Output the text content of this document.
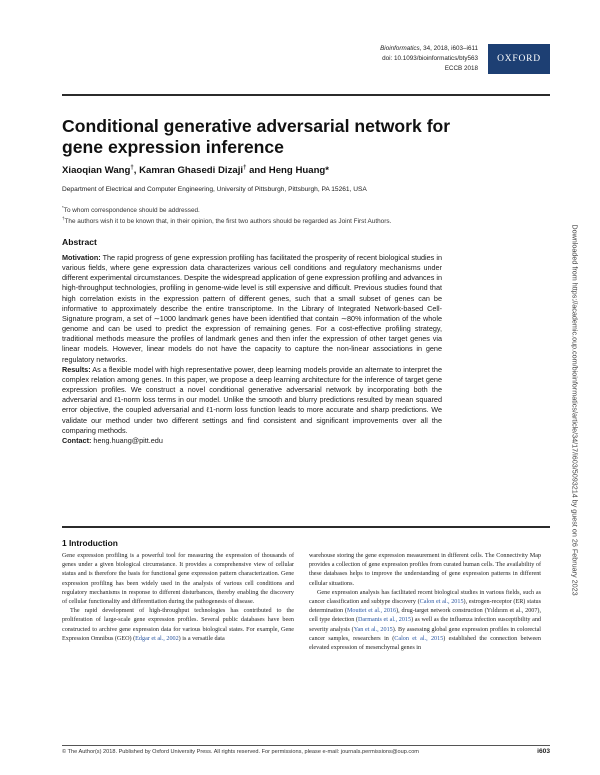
Bioinformatics, 34, 2018, i603–i611
doi: 10.1093/bioinformatics/bty563
ECCB 2018
OXFORD
Conditional generative adversarial network for gene expression inference
Xiaoqian Wang†, Kamran Ghasedi Dizaji† and Heng Huang*
Department of Electrical and Computer Engineering, University of Pittsburgh, Pittsburgh, PA 15261, USA
*To whom correspondence should be addressed.
†The authors wish it to be known that, in their opinion, the first two authors should be regarded as Joint First Authors.
Abstract

Motivation: The rapid progress of gene expression profiling has facilitated the prosperity of recent biological studies in various fields, where gene expression data characterizes various cell conditions and regulatory mechanisms under different experimental circumstances. Despite the widespread application of gene expression profiling and advances in high-throughput technologies, profiling in genome-wide level is still expensive and difficult. Previous studies found that high correlation exists in the expression pattern of different genes, such that a small subset of genes can be informative to approximately describe the entire transcriptome. In the Library of Integrated Network-based Cell-Signature program, a set of ∼1000 landmark genes have been identified that contain ∼80% information of the whole genome and can be used to predict the expression of remaining genes. For a cost-effective profiling strategy, traditional methods measure the profiles of landmark genes and then infer the expression of other target genes via linear models. However, linear models do not have the capacity to capture the non-linear associations in gene regulatory networks.

Results: As a flexible model with high representative power, deep learning models provide an alternate to interpret the complex relation among genes. In this paper, we propose a deep learning architecture for the inference of target gene expression profiles. We construct a novel conditional generative adversarial network by incorporating both the adversarial and ℓ1-norm loss terms in our model. Unlike the smooth and blurry predictions resulted by mean squared error objective, the coupled adversarial and ℓ1-norm loss function leads to more accurate and sharp predictions. We validate our method under two different settings and find consistent and significant improvements over all the comparing methods.

Contact: heng.huang@pitt.edu

1 Introduction

Gene expression profiling is a powerful tool for measuring the expression of thousands of genes under a given biological circumstance. It provides a comprehensive view of cellular status and is therefore the basis for functional gene expression pattern characterization. Gene expression profiling has been widely used in the analysis of various cell conditions and regulatory mechanisms in response to different disturbances, thereby enabling the discovery of cellular functionality and differentiation during the pathogenesis of disease.

The rapid development of high-throughput technologies has contributed to the proliferation of large-scale gene expression profiles. Several public databases have been constructed to archive gene expression data for various biological states. For example, Gene Expression Omnibus (GEO) (Edgar et al., 2002) is a versatile data

warehouse storing the gene expression measurement in different cells. The Connectivity Map provides a collection of gene expression profiles from curated human cells. The availability of these databases helps to improve the understanding of gene expression patterns in different cellular situations.

Gene expression analysis has facilitated recent biological studies in various fields, such as cancer classification and subtype discovery (Calon et al., 2015), estrogen-receptor (ER) status determination (Mouttet et al., 2016), drug-target network construction (Yıldırım et al., 2007), cell type detection (Darmanis et al., 2015) as well as the influenza infection susceptibility and severity analysis (Yan et al., 2015). By assessing global gene expression profiles in colorectal cancer samples, researchers in (Calon et al., 2015) established the connection between elevated expression of mesenchymal genes in

© The Author(s) 2018. Published by Oxford University Press. All rights reserved. For permissions, please e-mail: journals.permissions@oup.com	i603
Downloaded from https://academic.oup.com/bioinformatics/article/34/17/i603/5093214 by guest on 26 February 2023
